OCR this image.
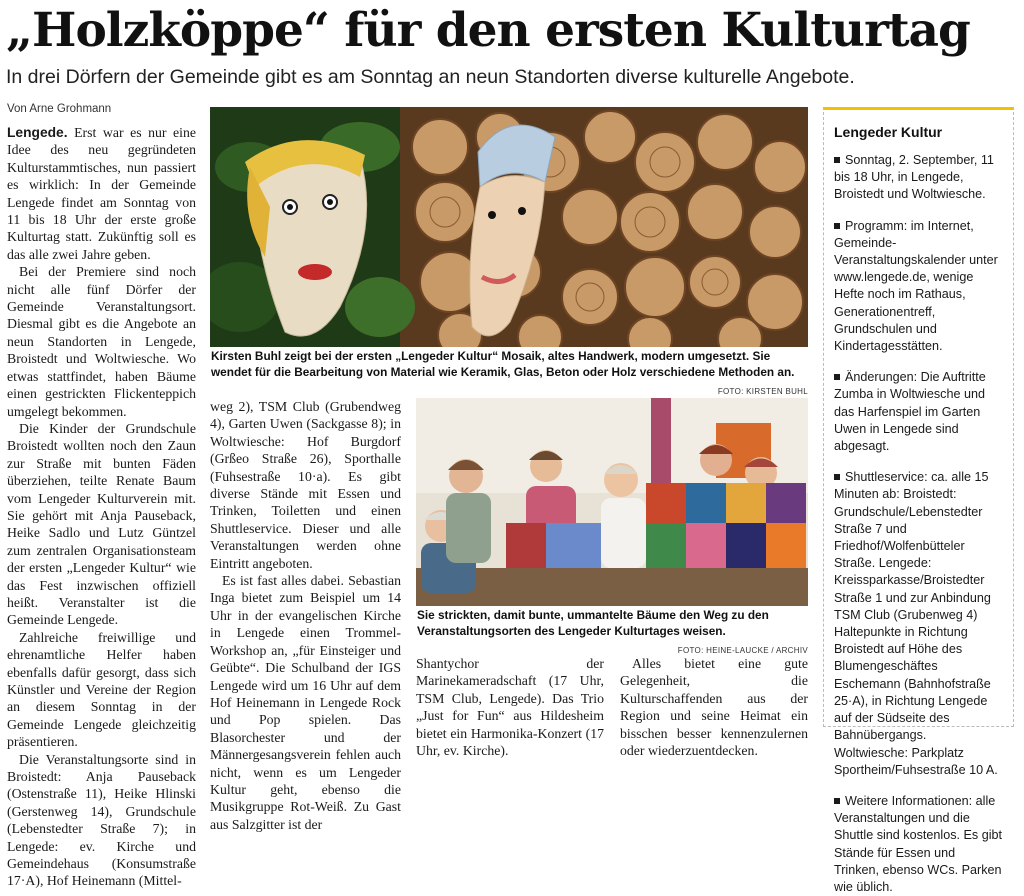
„Holzköppe“ für den ersten Kulturtag
In drei Dörfern der Gemeinde gibt es am Sonntag an neun Standorten diverse kulturelle Angebote.
Von Arne Grohmann

Lengede. Erst war es nur eine Idee des neu gegründeten Kulturstammtisches, nun passiert es wirklich: In der Gemeinde Lengede findet am Sonntag von 11 bis 18 Uhr der erste große Kulturtag statt. Zukünftig soll es das alle zwei Jahre geben.

Bei der Premiere sind noch nicht alle fünf Dörfer der Gemeinde Veranstaltungsort. Diesmal gibt es die Angebote an neun Standorten in Lengede, Broistedt und Woltwiesche. Wo etwas stattfindet, haben Bäume einen gestrickten Flickenteppich umgelegt bekommen.

Die Kinder der Grundschule Broistedt wollten noch den Zaun zur Straße mit bunten Fäden überziehen, teilte Renate Baum vom Lengeder Kulturverein mit. Sie gehört mit Anja Pauseback, Heike Sadlo und Lutz Güntzel zum zentralen Organisationsteam der ersten „Lengeder Kultur“ wie das Fest inzwischen offiziell heißt. Veranstalter ist die Gemeinde Lengede.

Zahlreiche freiwillige und ehrenamtliche Helfer haben ebenfalls dafür gesorgt, dass sich Künstler und Vereine der Region an diesem Sonntag in der Gemeinde Lengede gleichzeitig präsentieren.

Die Veranstaltungsorte sind in Broistedt: Anja Pauseback (Ostenstraße 11), Heike Hlinski (Gerstenweg 14), Grundschule (Lebenstedter Straße 7); in Lengede: ev. Kirche und Gemeindehaus (Konsumstraße 17·A), Hof Heinemann (Mittel-

Kirsten Buhl zeigt bei der ersten „Lengeder Kultur“ Mosaik, altes Handwerk, modern umgesetzt. Sie wendet für die Bearbeitung von Material wie Keramik, Glas, Beton oder Holz verschiedene Methoden an.
FOTO: KIRSTEN BUHL

weg 2), TSM Club (Grubendweg 4), Garten Uwen (Sackgasse 8); in Woltwiesche: Hof Burgdorf (Grßeo Straße 26), Sporthalle (Fuhsestraße 10·a). Es gibt diverse Stände mit Essen und Trinken, Toiletten und einen Shuttleservice. Dieser und alle Veranstaltungen werden ohne Eintritt angeboten.

Es ist fast alles dabei. Sebastian Inga bietet zum Beispiel um 14 Uhr in der evangelischen Kirche in Lengede einen Trommel-Workshop an, „für Einsteiger und Geübte“. Die Schulband der IGS Lengede wird um 16 Uhr auf dem Hof Heinemann in Lengede Rock und Pop spielen. Das Blasorchester und der Männergesangsverein fehlen auch nicht, wenn es um Lengeder Kultur geht, ebenso die Musikgruppe Rot-Weiß. Zu Gast aus Salzgitter ist der

Sie strickten, damit bunte, ummantelte Bäume den Weg zu den Veranstaltungsorten des Lengeder Kulturtages weisen.
FOTO: HEINE-LAUCKE / ARCHIV

Shantychor der Marinekameradschaft (17 Uhr, TSM Club, Lengede). Das Trio „Just for Fun“ aus Hildesheim bietet ein Harmonika-Konzert (17 Uhr, ev. Kirche).

Alles bietet eine gute Gelegenheit, die Kulturschaffenden aus der Region und seine Heimat ein bisschen besser kennenzulernen oder wiederzuentdecken.

Lengeder Kultur
Sonntag, 2. September, 11 bis 18 Uhr, in Lengede, Broistedt und Woltwiesche.
Programm: im Internet, Gemeinde-Veranstaltungskalender unter www.lengede.de, wenige Hefte noch im Rathaus, Generationentreff, Grundschulen und Kindertagesstätten.
Änderungen: Die Auftritte Zumba in Woltwiesche und das Harfenspiel im Garten Uwen in Lengede sind abgesagt.
Shuttleservice: ca. alle 15 Minuten ab: Broistedt: Grundschule/Lebenstedter Straße 7 und Friedhof/Wolfenbütteler Straße. Lengede: Kreissparkasse/Broistedter Straße 1 und zur Anbindung TSM Club (Grubenweg 4) Haltepunkte in Richtung Broistedt auf Höhe des Blumengeschäftes Eschemann (Bahnhofstraße 25·A), in Richtung Lengede auf der Südseite des Bahnübergangs. Woltwiesche: Parkplatz Sportheim/Fuhsestraße 10 A.
Weitere Informationen: alle Veranstaltungen und die Shuttle sind kostenlos. Es gibt Stände für Essen und Trinken, ebenso WCs. Parken wie üblich.
